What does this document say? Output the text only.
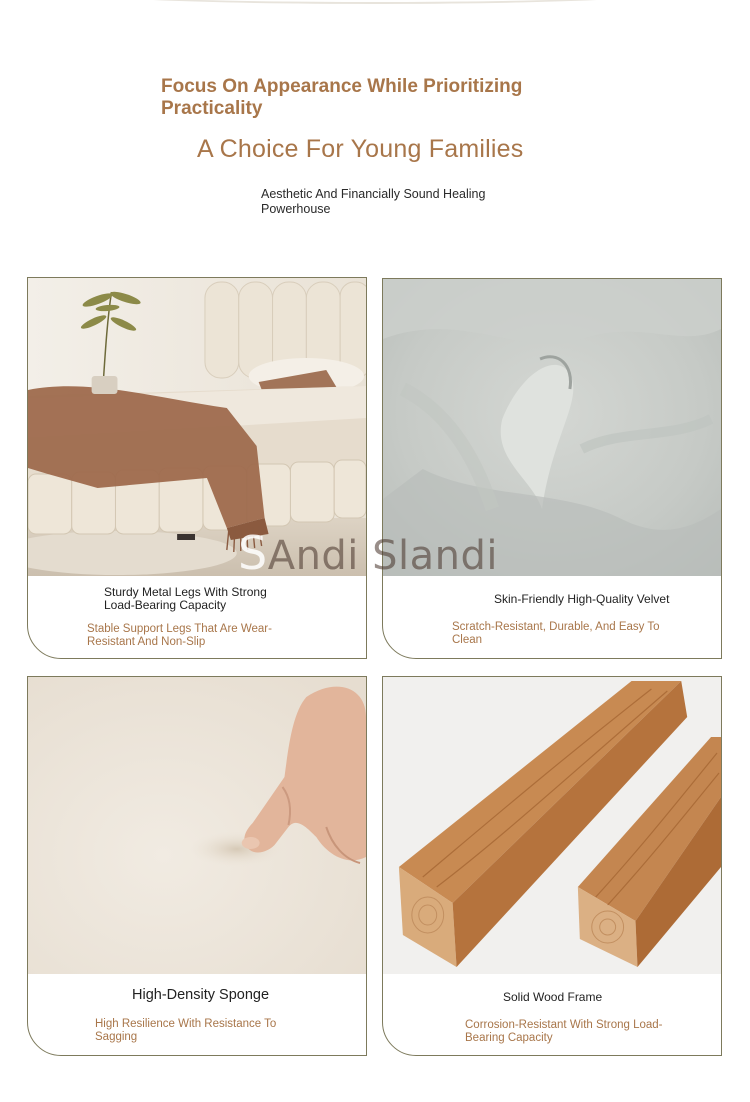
Focus On Appearance While Prioritizing Practicality
A Choice For Young Families
Aesthetic And Financially Sound Healing Powerhouse
Sturdy Metal Legs With Strong Load-Bearing Capacity
Stable Support Legs That Are Wear-Resistant And Non-Slip
Skin-Friendly High-Quality Velvet
Scratch-Resistant, Durable, And Easy To Clean
High-Density Sponge
High Resilience With Resistance To Sagging
Solid Wood Frame
Corrosion-Resistant With Strong Load-Bearing Capacity
SAndi Slandi
